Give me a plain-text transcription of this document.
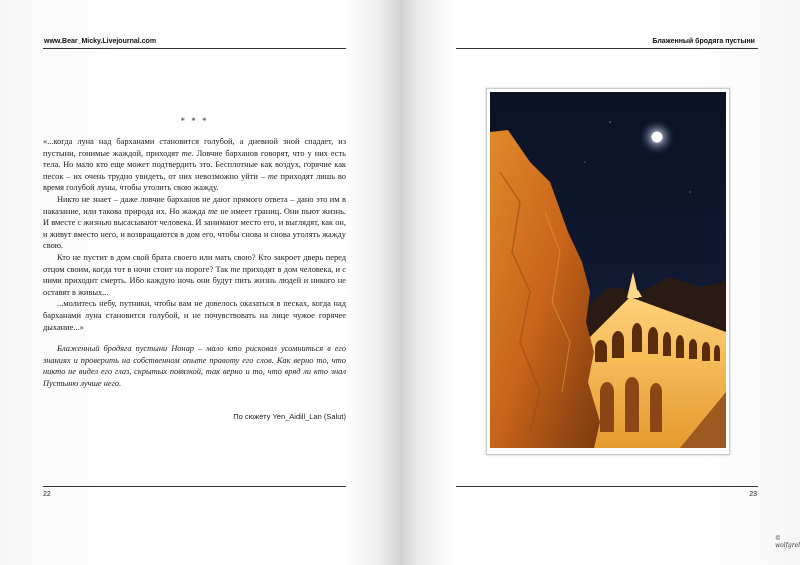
www.Bear_Micky.Livejournal.com
* * *

«...когда луна над барханами становится голубой, а дневной зной спадает, из пустыни, гонимые жаждой, приходят те. Ловчие барханов говорят, что у них есть тела. Но мало кто еще может подтвердить это. Бесплотные как воздух, горячие как песок – их очень трудно увидеть, от них невозможно уйти – те приходят лишь во время голубой луны, чтобы утолить свою жажду.

Никто не знает – даже ловчие барханов не дают прямого ответа – дано это им в наказание, или такова природа их. Но жажда те не имеет границ. Они пьют жизнь. И вместе с жизнью высасывают человека. И занимают место его, и выглядят, как он, и живут вместо него, и возвращаются в дом его, чтобы снова и снова утолять жажду свою.

Кто не пустит в дом свой брата своего или мать свою? Кто закроет дверь перед отцом своим, когда тот в ночи стоит на пороге? Так те приходят в дом человека, и с ними приходит смерть. Ибо каждую ночь они будут пить жизнь людей и никого не оставят в живых...

...молитесь небу, путники, чтобы вам не довелось оказаться в песках, когда над барханами луна становится голубой, и не почувствовать на лице чужое горячее дыхание...»

Блаженный бродяга пустыни Нонар – мало кто рисковал усомниться в его знаниях и проверить на собственном опыте правоту его слов. Как верно то, что никто не видел его глаз, скрытых повязкой, так верно и то, что вряд ли кто знал Пустыню лучше него.

По сюжету Yen_Aidill_Lan (Salut)
22
Блаженный бродяга пустыни
© wolfgrel
23
